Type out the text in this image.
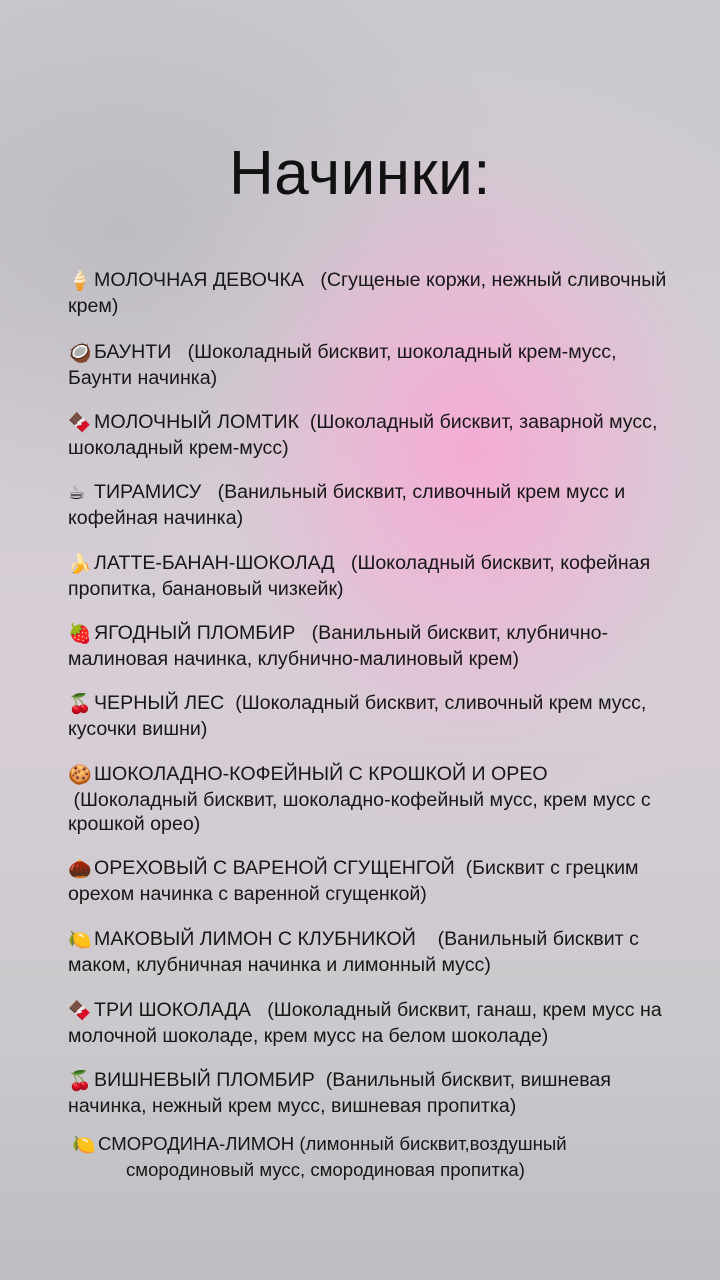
Начинки:
🍦 МОЛОЧНАЯ ДЕВОЧКА (Сгущеные коржи, нежный сливочный крем)
🥥 БАУНТИ (Шоколадный бисквит, шоколадный крем-мусс, Баунти начинка)
🍫 МОЛОЧНЫЙ ЛОМТИК (Шоколадный бисквит, заварной мусс, шоколадный крем-мусс)
☕ ТИРАМИСУ (Ванильный бисквит, сливочный крем мусс и кофейная начинка)
🍌 ЛАТТЕ-БАНАН-ШОКОЛАД (Шоколадный бисквит, кофейная пропитка, банановый чизкейк)
🍓 ЯГОДНЫЙ ПЛОМБИР (Ванильный бисквит, клубнично-малиновая начинка, клубнично-малиновый крем)
🍒 ЧЕРНЫЙ ЛЕС (Шоколадный бисквит, сливочный крем мусс, кусочки вишни)
🍪 ШОКОЛАДНО-КОФЕЙНЫЙ С КРОШКОЙ И ОРЕО (Шоколадный бисквит, шоколадно-кофейный мусс, крем мусс с крошкой орео)
🌰 ОРЕХОВЫЙ С ВАРЕНОЙ СГУЩЕНГОЙ (Бисквит с грецким орехом начинка с варенной сгущенкой)
🍋 МАКОВЫЙ ЛИМОН С КЛУБНИКОЙ (Ванильный бисквит с маком, клубничная начинка и лимонный мусс)
🍫 ТРИ ШОКОЛАДА (Шоколадный бисквит, ганаш, крем мусс на молочной шоколаде, крем мусс на белом шоколаде)
🍒 ВИШНЕВЫЙ ПЛОМБИР (Ванильный бисквит, вишневая начинка, нежный крем мусс, вишневая пропитка)
🍋 СМОРОДИНА-ЛИМОН (лимонный бисквит,воздушный
смородиновый мусс, смородиновая пропитка)
